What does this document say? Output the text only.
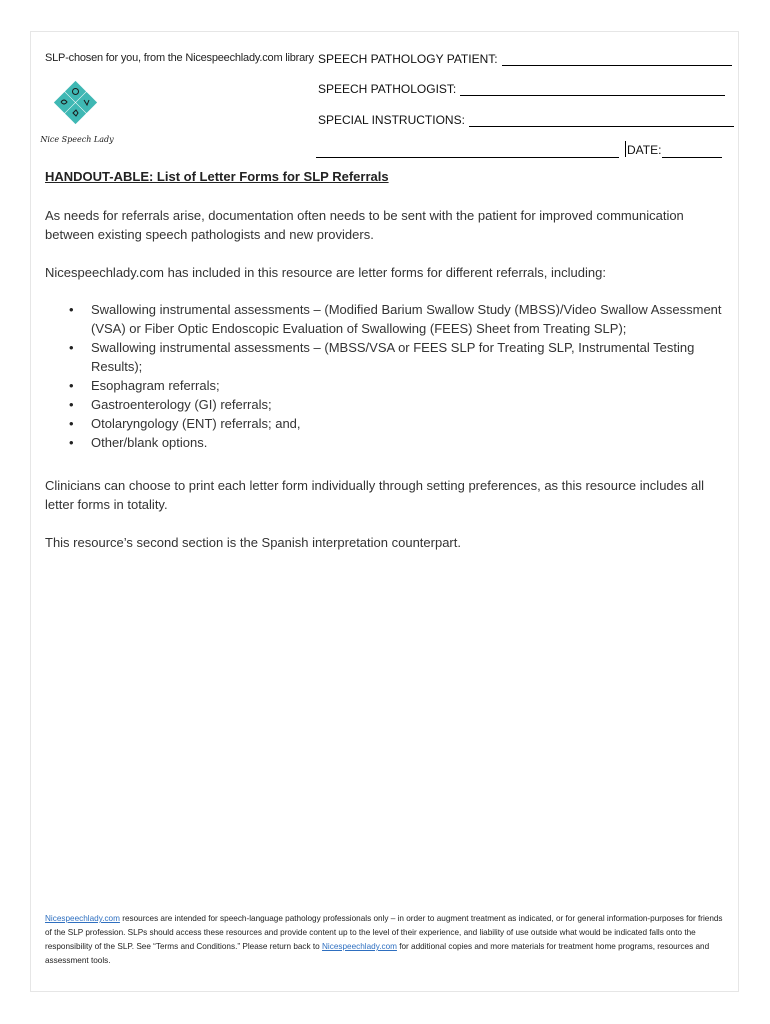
SLP-chosen for you, from the Nicespeechlady.com library
Nice Speech Lady
SPEECH PATHOLOGY PATIENT:
SPEECH PATHOLOGIST:
SPECIAL INSTRUCTIONS:
DATE:
HANDOUT-ABLE: List of Letter Forms for SLP Referrals
As needs for referrals arise, documentation often needs to be sent with the patient for improved communication between existing speech pathologists and new providers.
Nicespeechlady.com has included in this resource are letter forms for different referrals, including:
• Swallowing instrumental assessments – (Modified Barium Swallow Study (MBSS)/Video Swallow Assessment (VSA) or Fiber Optic Endoscopic Evaluation of Swallowing (FEES) Sheet from Treating SLP);
• Swallowing instrumental assessments – (MBSS/VSA or FEES SLP for Treating SLP, Instrumental Testing Results);
• Esophagram referrals;
• Gastroenterology (GI) referrals;
• Otolaryngology (ENT) referrals; and,
• Other/blank options.
Clinicians can choose to print each letter form individually through setting preferences, as this resource includes all letter forms in totality.
This resource’s second section is the Spanish interpretation counterpart.
Nicespeechlady.com resources are intended for speech-language pathology professionals only – in order to augment treatment as indicated, or for general information-purposes for friends of the SLP profession. SLPs should access these resources and provide content up to the level of their experience, and liability of use outside what would be indicated falls onto the responsibility of the SLP. See “Terms and Conditions.” Please return back to Nicespeechlady.com for additional copies and more materials for treatment home programs, resources and assessment tools.
